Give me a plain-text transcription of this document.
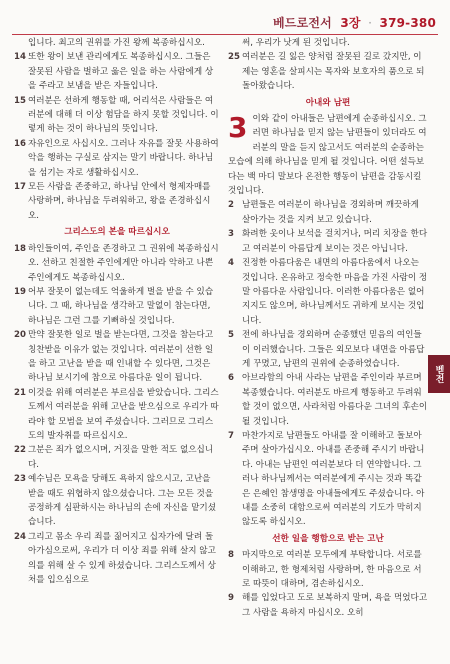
베드로전서 3장 · 379-380

입니다. 최고의 권위를 가진 왕께 복종하십시오.

14 또한 왕이 보낸 관리에게도 복종하십시오. 그들은 잘못된 사람을 벌하고 옳은 일을 하는 사람에게 상을 주라고 보냄을 받은 자들입니다.

15 여러분은 선하게 행동할 때, 어리석은 사람들은 여러분에 대해 더 이상 험담을 하지 못할 것입니다. 이렇게 하는 것이 하나님의 뜻입니다.

16 자유인으로 사십시오. 그러나 자유를 잘못 사용하여 악을 행하는 구실로 삼지는 말기 바랍니다. 하나님을 섬기는 자로 생활하십시오.

17 모든 사람을 존중하고, 하나님 안에서 형제자매를 사랑하며, 하나님을 두려워하고, 왕을 존경하십시오.

그리스도의 본을 따르십시오

18 하인들이여, 주인을 존경하고 그 권위에 복종하십시오. 선하고 친절한 주인에게만 아니라 악하고 나쁜 주인에게도 복종하십시오.

19 어부 잘못이 없는데도 억울하게 벌을 받을 수 있습니다. 그 때, 하나님을 생각하고 말없이 참는다면, 하나님은 그런 그를 기뻐하실 것입니다.

20 만약 잘못한 일로 벌을 받는다면, 그것을 참는다고 칭찬받을 이유가 없는 것입니다. 여러분이 선한 일을 하고 고난을 받을 때 인내할 수 있다면, 그것은 하나님 보시기에 참으로 아름다운 일이 됩니다.

21 이것을 위해 여러분은 부르심을 받았습니다. 그리스도께서 여러분을 위해 고난을 받으심으로 우리가 따라야 할 모범을 보여 주셨습니다. 그러므로 그리스도의 발자취를 따르십시오.

22 그분은 죄가 없으시며, 거짓을 말한 적도 없으십니다.

23 예수님은 모욕을 당해도 욕하지 않으시고, 고난을 받을 때도 위협하지 않으셨습니다. 그는 모든 것을 공정하게 심판하시는 하나님의 손에 자신을 맡기셨습니다.

24 그리고 몸소 우리 죄를 짊어지고 십자가에 달려 돌아가심으로써, 우리가 더 이상 죄를 위해 살지 않고 의를 위해 살 수 있게 하셨습니다. 그리스도께서 상처를 입으심으로

써, 우리가 낫게 된 것입니다.

25 여러분은 길 잃은 양처럼 잘못된 길로 갔지만, 이제는 영혼을 살피시는 목자와 보호자의 품으로 되돌아왔습니다.

아내와 남편

3 이와 같이 아내들은 남편에게 순종하십시오. 그러면 하나님을 믿지 않는 남편들이 있더라도 여러분의 말을 듣지 않고서도 여러분의 순종하는 모습에 의해 하나님을 믿게 될 것입니다. 어떤 설득보다는 백 마디 말보다 온전한 행동이 남편을 감동시킬 것입니다.

2 남편들은 여러분이 하나님을 경외하며 깨끗하게 살아가는 것을 지켜 보고 있습니다.

3 화려한 옷이나 보석을 걸치거나, 머리 치장을 한다고 여러분이 아름답게 보이는 것은 아닙니다.

4 진정한 아름다움은 내면의 아름다움에서 나오는 것입니다. 온유하고 정숙한 마음을 가진 사람이 정말 아름다운 사람입니다. 이러한 아름다움은 없어지지도 않으며, 하나님께서도 귀하게 보시는 것입니다.

5 전에 하나님을 경외하며 순종했던 믿음의 여인들이 이러했습니다. 그들은 외모보다 내면을 아름답게 꾸몄고, 남편의 권위에 순종하였습니다.

6 아브라함의 아내 사라는 남편을 주인이라 부르며 복종했습니다. 여러분도 바르게 행동하고 두려워할 것이 없으면, 사라처럼 아름다운 그녀의 후손이 될 것입니다.

7 마찬가지로 남편들도 아내를 잘 이해하고 돌보아 주며 살아가십시오. 아내를 존중해 주시기 바랍니다. 아내는 남편인 여러분보다 더 연약합니다. 그러나 하나님께서는 여러분에게 주시는 것과 똑같은 은혜인 참생명을 아내들에게도 주셨습니다. 아내를 소중히 대함으로써 여러분의 기도가 막히지 않도록 하십시오.

선한 일을 행함으로 받는 고난

8 마지막으로 여러분 모두에게 부탁합니다. 서로를 이해하고, 한 형제처럼 사랑하며, 한 마음으로 서로 따뜻이 대하며, 겸손하십시오.

9 해를 입었다고 도로 보복하지 말며, 욕을 먹었다고 그 사람을 욕하지 마십시오. 오히

벧전
